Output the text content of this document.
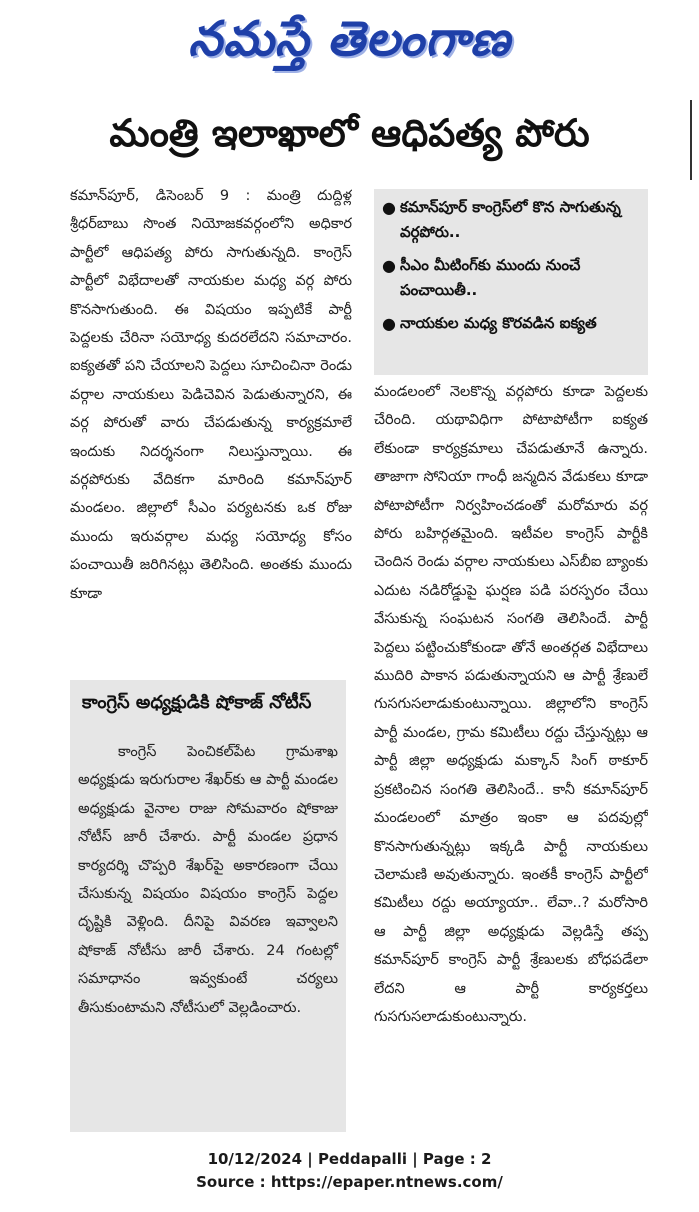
నమస్తే తెలంగాణ
మంత్రి ఇలాఖాలో ఆధిపత్య పోరు

కమాన్‌పూర్, డిసెంబర్ 9 : మంత్రి దుద్దిళ్ల శ్రీధర్‌బాబు సొంత నియోజకవర్గంలోని అధికార పార్టీలో ఆధిపత్య పోరు సాగుతున్నది. కాంగ్రెస్ పార్టీలో విభేదాలతో నాయకుల మధ్య వర్గ పోరు కొనసాగుతుంది. ఈ విషయం ఇప్పటికే పార్టీ పెద్దలకు చేరినా సయోధ్య కుదరలేదని సమాచారం. ఐక్యతతో పని చేయాలని పెద్దలు సూచించినా రెండు వర్గాల నాయకులు పెడిచెవిన పెడుతున్నారని, ఈ వర్గ పోరుతో వారు చేపడుతున్న కార్యక్రమాలే ఇందుకు నిదర్శనంగా నిలుస్తున్నాయి. ఈ వర్గపోరుకు వేదికగా మారింది కమాన్‌పూర్ మండలం. జిల్లాలో సీఎం పర్యటనకు ఒక రోజు ముందు ఇరువర్గాల మధ్య సయోధ్య కోసం పంచాయితీ జరిగినట్లు తెలిసింది. అంతకు ముందు కూడా

● కమాన్‌పూర్ కాంగ్రెస్‌లో కొన సాగుతున్న వర్గపోరు..
● సీఎం మీటింగ్‌కు ముందు నుంచే పంచాయితీ..
● నాయకుల మధ్య కొరవడిన ఐక్యత

మండలంలో నెలకొన్న వర్గపోరు కూడా పెద్దలకు చేరింది. యథావిధిగా పోటాపోటీగా ఐక్యత లేకుండా కార్యక్రమాలు చేపడుతూనే ఉన్నారు. తాజాగా సోనియా గాంధీ జన్మదిన వేడుకలు కూడా పోటాపోటీగా నిర్వహించడంతో మరోమారు వర్గ పోరు బహిర్గతమైంది. ఇటీవల కాంగ్రెస్ పార్టీకి చెందిన రెండు వర్గాల నాయకులు ఎస్‌బీఐ బ్యాంకు ఎదుట నడిరోడ్డుపై ఘర్షణ పడి పరస్పరం చేయి వేసుకున్న సంఘటన సంగతి తెలిసిందే. పార్టీ పెద్దలు పట్టించుకోకుండా తోనే అంతర్గత విభేదాలు ముదిరి పాకాన పడుతున్నాయని ఆ పార్టీ శ్రేణులే గుసగుసలాడుకుంటున్నాయి. జిల్లాలోని కాంగ్రెస్ పార్టీ మండల, గ్రామ కమిటీలు రద్దు చేస్తున్నట్లు ఆ పార్టీ జిల్లా అధ్యక్షుడు మక్కాన్ సింగ్ ఠాకూర్ ప్రకటించిన సంగతి తెలిసిందే.. కానీ కమాన్‌పూర్ మండలంలో మాత్రం ఇంకా ఆ పదవుల్లో కొనసాగుతున్నట్లు ఇక్కడి పార్టీ నాయకులు చెలామణి అవుతున్నారు. ఇంతకీ కాంగ్రెస్ పార్టీలో కమిటీలు రద్దు అయ్యాయా.. లేవా..? మరోసారి ఆ పార్టీ జిల్లా అధ్యక్షుడు వెల్లడిస్తే తప్ప కమాన్‌పూర్ కాంగ్రెస్ పార్టీ శ్రేణులకు బోధపడేలా లేదని ఆ పార్టీ కార్యకర్తలు గుసగుసలాడుకుంటున్నారు.

కాంగ్రెస్ అధ్యక్షుడికి షోకాజ్ నోటీస్

కాంగ్రెస్ పెంచికల్‌పేట గ్రామశాఖ అధ్యక్షుడు ఇరుగురాల శేఖర్‌కు ఆ పార్టీ మండల అధ్యక్షుడు వైనాల రాజు సోమవారం షోకాజు నోటీస్ జారీ చేశారు. పార్టీ మండల ప్రధాన కార్యదర్శి చొప్పరి శేఖర్‌పై అకారణంగా చేయి చేసుకున్న విషయం విషయం కాంగ్రెస్ పెద్దల దృష్టికి వెళ్లింది. దీనిపై వివరణ ఇవ్వాలని షోకాజ్ నోటీసు జారీ చేశారు. 24 గంటల్లో సమాధానం ఇవ్వకుంటే చర్యలు తీసుకుంటామని నోటీసులో వెల్లడించారు.

10/12/2024 | Peddapalli | Page : 2
Source : https://epaper.ntnews.com/
